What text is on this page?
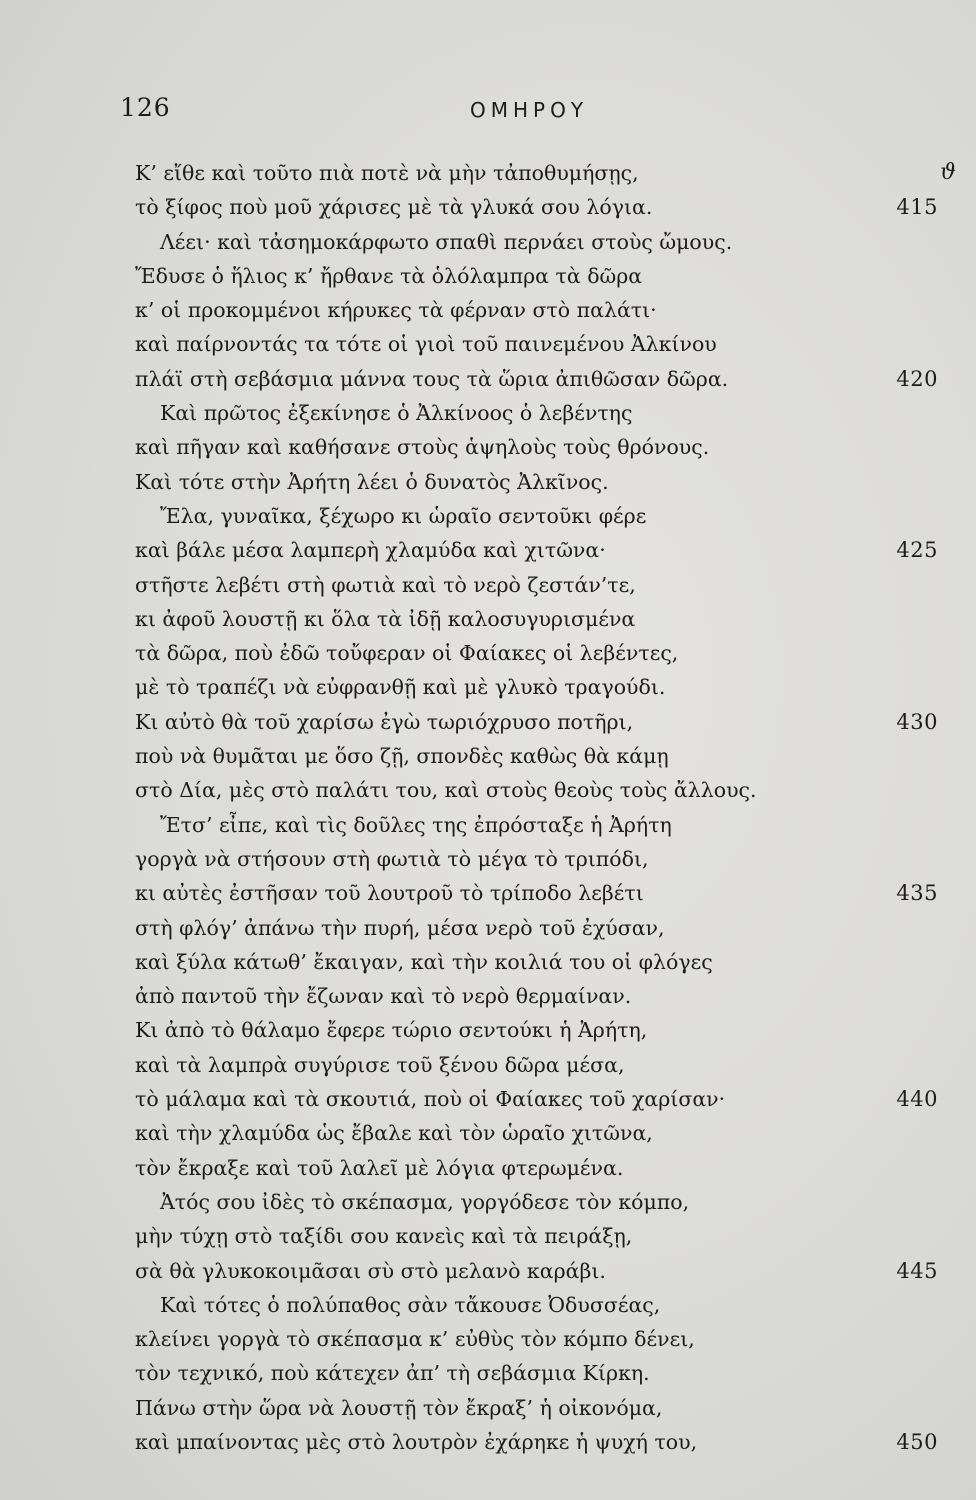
126	ΟΜΗΡΟΥ
Κ’ εἴθε καὶ τοῦτο πιὰ ποτὲ νὰ μὴν τἀποθυμήσῃς,	ϑ
τὸ ξίφος ποὺ μοῦ χάρισες μὲ τὰ γλυκά σου λόγια.	415
Λέει· καὶ τἀσημοκάρφωτο σπαθὶ περνάει στοὺς ὤμους.
Ἔδυσε ὁ ἥλιος κ’ ἤρθανε τὰ ὁλόλαμπρα τὰ δῶρα
κ’ οἱ προκομμένοι κήρυκες τὰ φέρναν στὸ παλάτι·
καὶ παίρνοντάς τα τότε οἱ γιοὶ τοῦ παινεμένου Ἀλκίνου
πλάϊ στὴ σεβάσμια μάννα τους τὰ ὥρια ἀπιθῶσαν δῶρα.	420
Καὶ πρῶτος ἐξεκίνησε ὁ Ἀλκίνοος ὁ λεβέντης
καὶ πῆγαν καὶ καθήσανε στοὺς ἁψηλοὺς τοὺς θρόνους.
Καὶ τότε στὴν Ἀρήτη λέει ὁ δυνατὸς Ἀλκῖνος.
Ἔλα, γυναῖκα, ξέχωρο κι ὡραῖο σεντοῦκι φέρε
καὶ βάλε μέσα λαμπερὴ χλαμύδα καὶ χιτῶνα·	425
στῆστε λεβέτι στὴ φωτιὰ καὶ τὸ νερὸ ζεστάν’τε,
κι ἀφοῦ λουστῇ κι ὅλα τὰ ἰδῇ καλοσυγυρισμένα
τὰ δῶρα, ποὺ ἐδῶ τοὔφεραν οἱ Φαίακες οἱ λεβέντες,
μὲ τὸ τραπέζι νὰ εὐφρανθῇ καὶ μὲ γλυκὸ τραγούδι.
Κι αὐτὸ θὰ τοῦ χαρίσω ἐγὼ τωριόχρυσο ποτῆρι,	430
ποὺ νὰ θυμᾶται με ὅσο ζῇ, σπονδὲς καθὼς θὰ κάμῃ
στὸ Δία, μὲς στὸ παλάτι του, καὶ στοὺς θεοὺς τοὺς ἄλλους.
Ἔτσ’ εἶπε, καὶ τὶς δοῦλες της ἐπρόσταξε ἡ Ἀρήτη
γοργὰ νὰ στήσουν στὴ φωτιὰ τὸ μέγα τὸ τριπόδι,
κι αὐτὲς ἐστῆσαν τοῦ λουτροῦ τὸ τρίποδο λεβέτι	435
στὴ φλόγ’ ἀπάνω τὴν πυρή, μέσα νερὸ τοῦ ἐχύσαν,
καὶ ξύλα κάτωθ’ ἔκαιγαν, καὶ τὴν κοιλιά του οἱ φλόγες
ἀπὸ παντοῦ τὴν ἔζωναν καὶ τὸ νερὸ θερμαίναν.
Κι ἀπὸ τὸ θάλαμο ἔφερε τώριο σεντούκι ἡ Ἀρήτη,
καὶ τὰ λαμπρὰ συγύρισε τοῦ ξένου δῶρα μέσα,
τὸ μάλαμα καὶ τὰ σκουτιά, ποὺ οἱ Φαίακες τοῦ χαρίσαν·	440
καὶ τὴν χλαμύδα ὡς ἔβαλε καὶ τὸν ὡραῖο χιτῶνα,
τὸν ἔκραξε καὶ τοῦ λαλεῖ μὲ λόγια φτερωμένα.
Ἀτός σου ἰδὲς τὸ σκέπασμα, γοργόδεσε τὸν κόμπο,
μὴν τύχῃ στὸ ταξίδι σου κανεὶς καὶ τὰ πειράξῃ,
σὰ θὰ γλυκοκοιμᾶσαι σὺ στὸ μελανὸ καράβι.	445
Καὶ τότες ὁ πολύπαθος σὰν τἄκουσε Ὀδυσσέας,
κλείνει γοργὰ τὸ σκέπασμα κ’ εὐθὺς τὸν κόμπο δένει,
τὸν τεχνικό, ποὺ κάτεχεν ἀπ’ τὴ σεβάσμια Κίρκη.
Πάνω στὴν ὥρα νὰ λουστῇ τὸν ἔκραξ’ ἡ οἰκονόμα,
καὶ μπαίνοντας μὲς στὸ λουτρὸν ἐχάρηκε ἡ ψυχή του,	450
